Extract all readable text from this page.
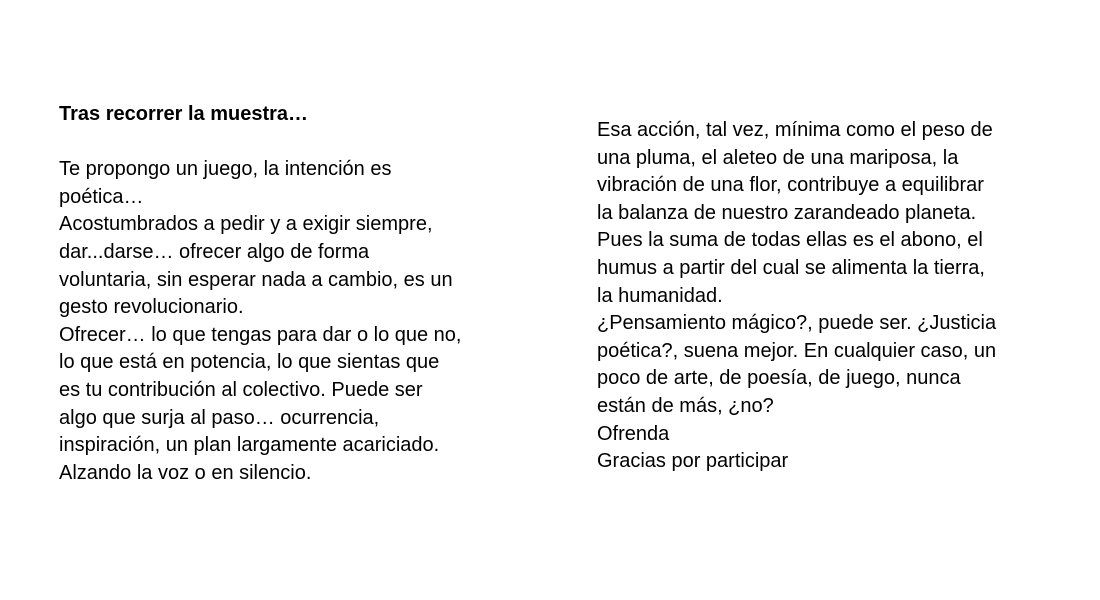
Tras recorrer la muestra…
Te propongo un juego, la intención es
poética…
Acostumbrados a pedir y a exigir siempre,
dar...darse… ofrecer algo de forma
voluntaria, sin esperar nada a cambio, es un
gesto revolucionario.
Ofrecer… lo que tengas para dar o lo que no,
lo que está en potencia, lo que sientas que
es tu contribución al colectivo. Puede ser
algo que surja al paso… ocurrencia,
inspiración, un plan largamente acariciado.
Alzando la voz o en silencio.
Esa acción, tal vez, mínima como el peso de
una pluma, el aleteo de una mariposa, la
vibración de una flor, contribuye a equilibrar
la balanza de nuestro zarandeado planeta.
Pues la suma de todas ellas es el abono, el
humus a partir del cual se alimenta la tierra,
la humanidad.
¿Pensamiento mágico?, puede ser. ¿Justicia
poética?, suena mejor. En cualquier caso, un
poco de arte, de poesía, de juego, nunca
están de más, ¿no?
Ofrenda
Gracias por participar
